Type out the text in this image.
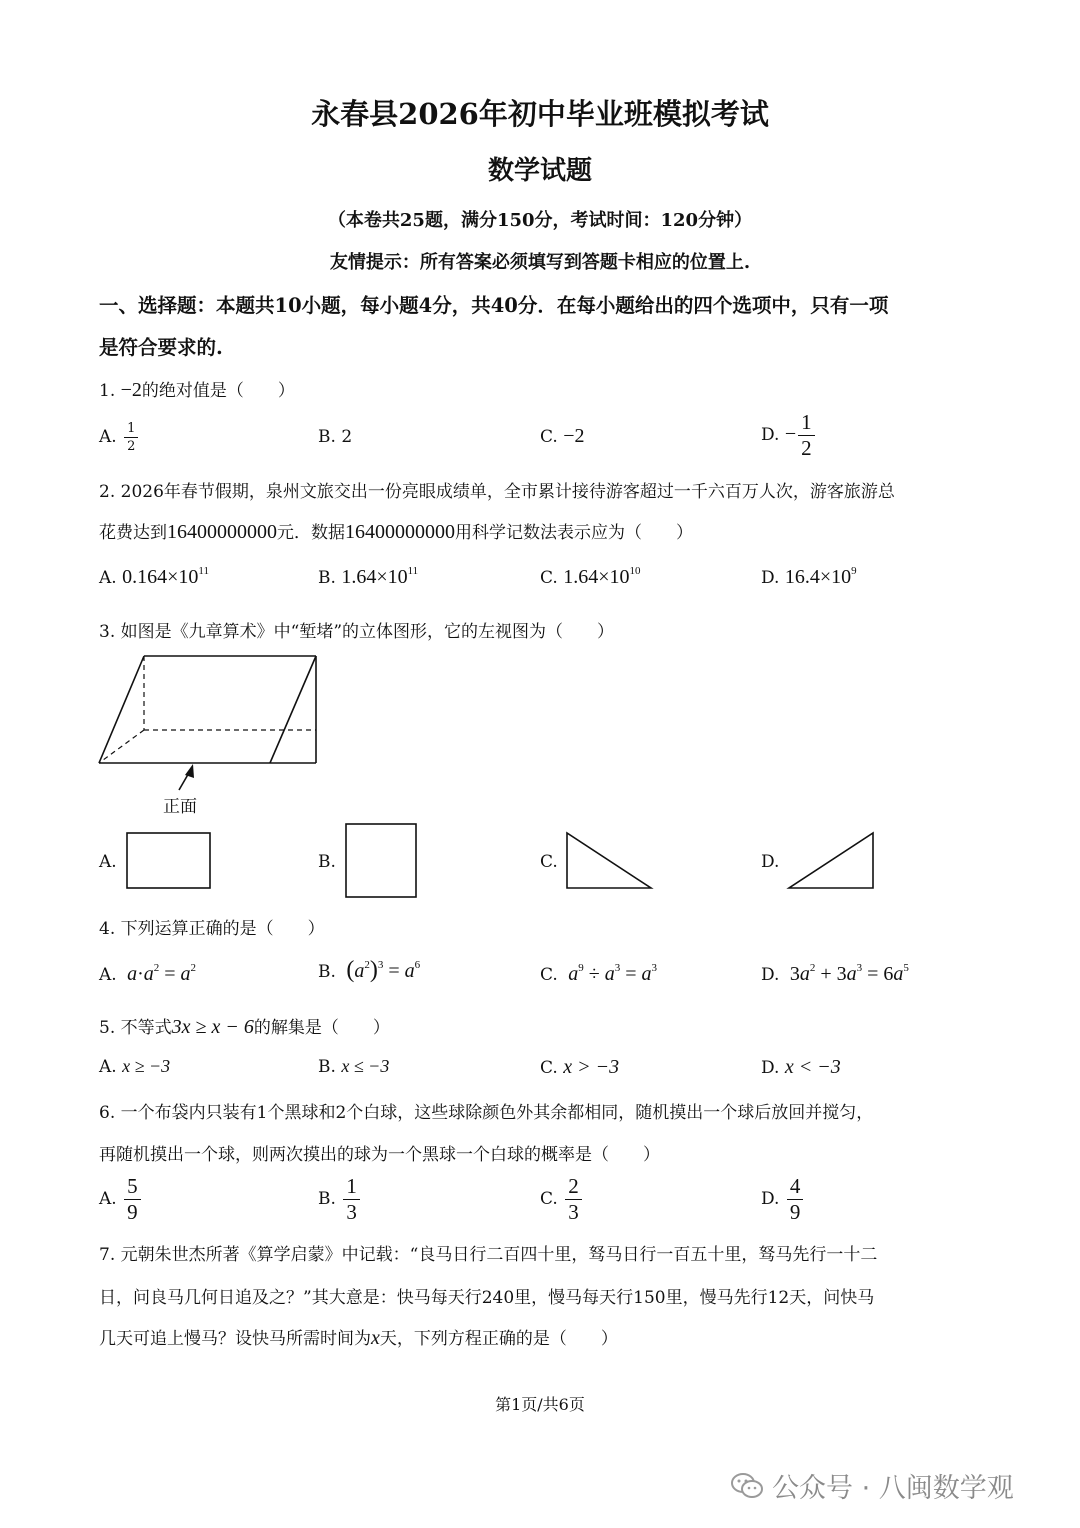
永春县2026年初中毕业班模拟考试
数学试题
（本卷共25题，满分150分，考试时间：120分钟）
友情提示：所有答案必须填写到答题卡相应的位置上.
一、选择题：本题共10小题，每小题4分，共40分．在每小题给出的四个选项中，只有一项
是符合要求的.
1. −2的绝对值是（　　）
A. $\frac{1}{2}$	B. 2	C. −2	D. − $\frac{1}{2}$
2. 2026年春节假期，泉州文旅交出一份亮眼成绩单，全市累计接待游客超过一千六百万人次，游客旅游总
花费达到16400000000元．数据16400000000用科学记数法表示应为（　　）
A. $0.164\times 10^{11}$	B. $1.64\times 10^{11}$	C. $1.64\times 10^{10}$	D. $16.4\times 10^9$
3. 如图是《九章算术》中“堑堵”的立体图形，它的左视图为（　　）
正面
A.	B.	C.	D.
4. 下列运算正确的是（　　）
A. $a\cdot a^2 = a^2$	B. $(a^2)^3 = a^6$	C. $a^9 \div a^3 = a^3$	D.  $3a^2 + 3a^3 = 6a^5$
5. 不等式3x ≥ x − 6的解集是（　　）
A. x ≥ −3	B. x ≤ −3	C. x > −3	D. x < −3
6. 一个布袋内只装有1个黑球和2个白球，这些球除颜色外其余都相同，随机摸出一个球后放回并搅匀，
再随机摸出一个球，则两次摸出的球为一个黑球一个白球的概率是（　　）
A. $\frac{5}{9}$	B. $\frac{1}{3}$	C. $\frac{2}{3}$	D. $\frac{4}{9}$
7. 元朝朱世杰所著《算学启蒙》中记载：“良马日行二百四十里，驽马日行一百五十里，驽马先行一十二
日，问良马几何日追及之？”其大意是：快马每天行240里，慢马每天行150里，慢马先行12天，问快马
几天可追上慢马？设快马所需时间为x天，下列方程正确的是（　　）
第1页/共6页
公众号 · 八闽数学观
